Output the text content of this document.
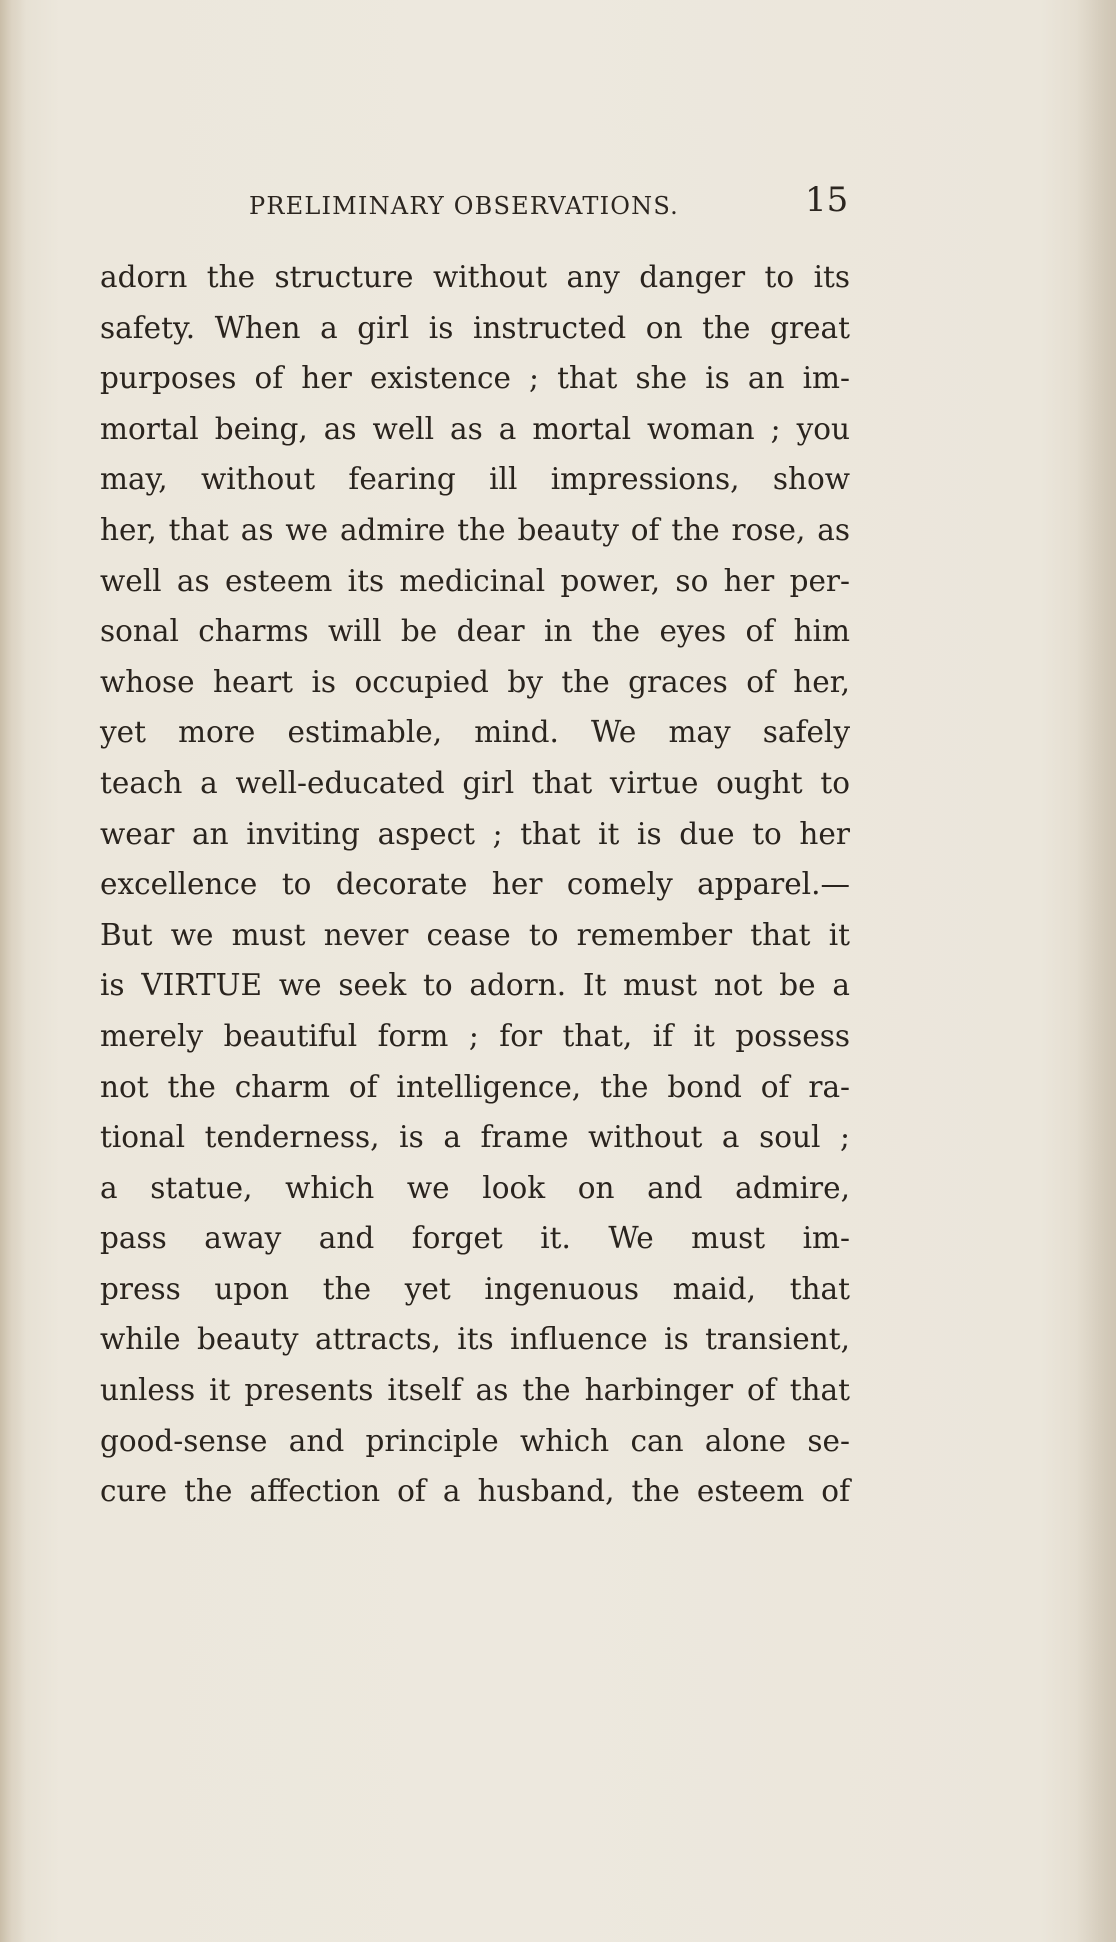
PRELIMINARY OBSERVATIONS.	15
adorn the structure without any danger to its
safety. When a girl is instructed on the great
purposes of her existence ; that she is an im-
mortal being, as well as a mortal woman ; you
may, without fearing ill impressions, show
her, that as we admire the beauty of the rose, as
well as esteem its medicinal power, so her per-
sonal charms will be dear in the eyes of him
whose heart is occupied by the graces of her,
yet more estimable, mind. We may safely
teach a well-educated girl that virtue ought to
wear an inviting aspect ; that it is due to her
excellence to decorate her comely apparel.—
But we must never cease to remember that it
is VIRTUE we seek to adorn. It must not be a
merely beautiful form ; for that, if it possess
not the charm of intelligence, the bond of ra-
tional tenderness, is a frame without a soul ;
a statue, which we look on and admire,
pass away and forget it. We must im-
press upon the yet ingenuous maid, that
while beauty attracts, its influence is transient,
unless it presents itself as the harbinger of that
good-sense and principle which can alone se-
cure the affection of a husband, the esteem of
